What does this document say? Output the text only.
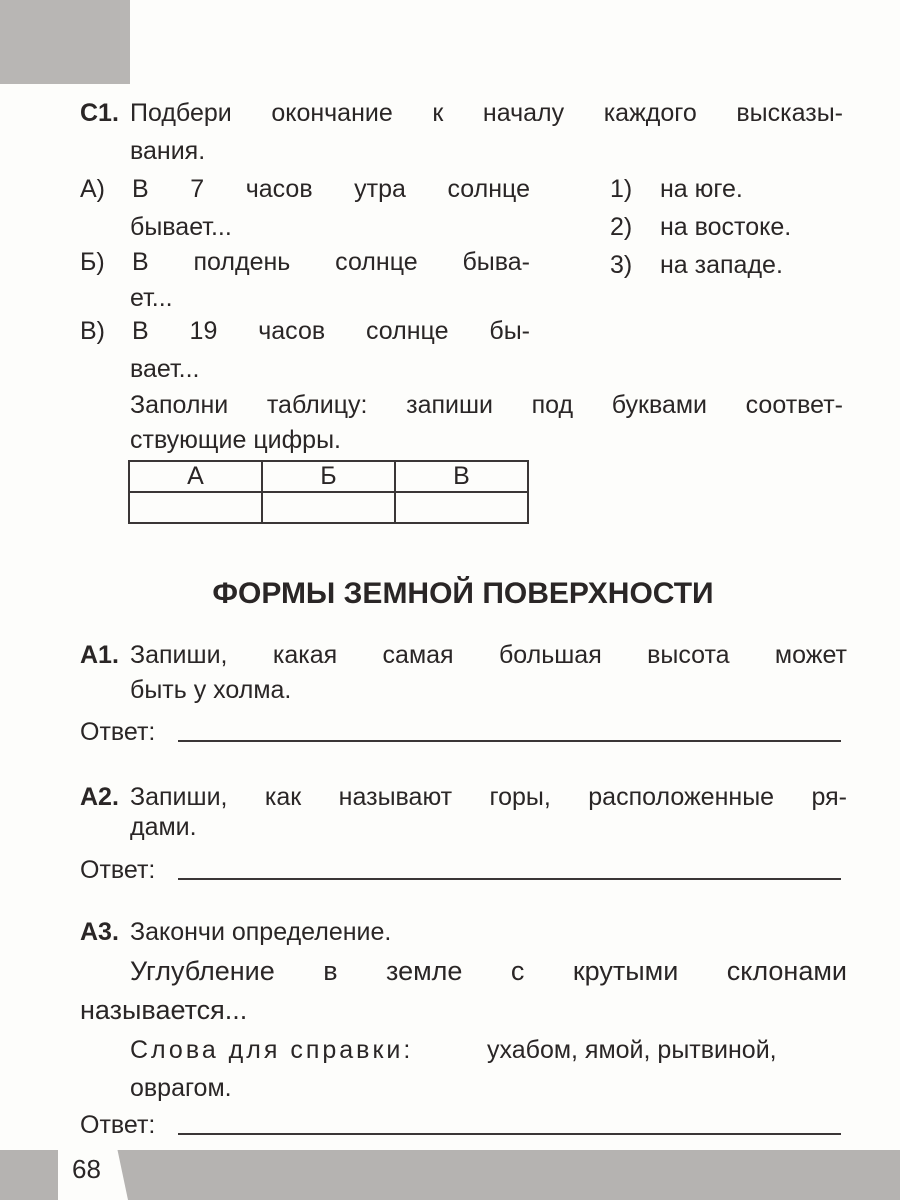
С1. Подбери окончание к началу каждого высказы-
вания.
А) В 7 часов утра солнце
бывает...
Б) В полдень солнце быва-
ет...
В) В 19 часов солнце бы-
вает...
1) на юге.
2) на востоке.
3) на западе.
Заполни таблицу: запиши под буквами соответ-
ствующие цифры.
А	Б	В

ФОРМЫ ЗЕМНОЙ ПОВЕРХНОСТИ
А1. Запиши, какая самая большая высота может
быть у холма.
Ответ:
А2. Запиши, как называют горы, расположенные ря-
дами.
Ответ:
А3. Закончи определение.
Углубление в земле с крутыми склонами
называется...
Слова для справки:	ухабом, ямой, рытвиной,
оврагом.
Ответ:
68
